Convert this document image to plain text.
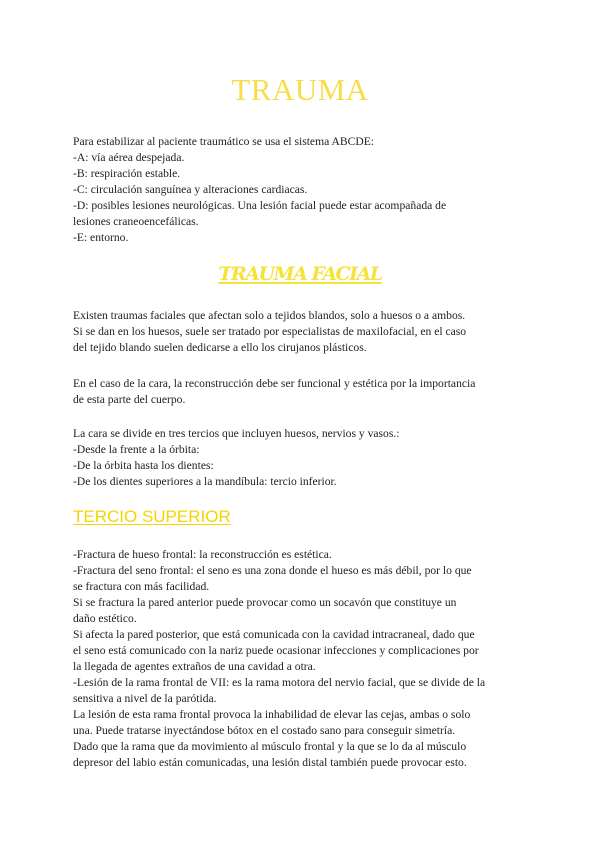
TRAUMA

Para estabilizar al paciente traumático se usa el sistema ABCDE:

-A: vía aérea despejada.

-B: respiración estable.

-C: circulación sanguínea y alteraciones cardiacas.

-D: posibles lesiones neurológicas. Una lesión facial puede estar acompañada de

lesiones craneoencefálicas.

-E: entorno.

TRAUMA FACIAL

Existen traumas faciales que afectan solo a tejidos blandos, solo a huesos o a ambos.

Si se dan en los huesos, suele ser tratado por especialistas de maxilofacial, en el caso

del tejido blando suelen dedicarse a ello los cirujanos plásticos.

En el caso de la cara, la reconstrucción debe ser funcional y estética por la importancia

de esta parte del cuerpo.

La cara se divide en tres tercios que incluyen huesos, nervios y vasos.:

-Desde la frente a la órbita:

-De la órbita hasta los dientes:

-De los dientes superiores a la mandíbula: tercio inferior.

TERCIO SUPERIOR

-Fractura de hueso frontal: la reconstrucción es estética.

-Fractura del seno frontal: el seno es una zona donde el hueso es más débil, por lo que

se fractura con más facilidad.

Si se fractura la pared anterior puede provocar como un socavón que constituye un

daño estético.

Si afecta la pared posterior, que está comunicada con la cavidad intracraneal, dado que

el seno está comunicado con la nariz puede ocasionar infecciones y complicaciones por

la llegada de agentes extraños de una cavidad a otra.

-Lesión de la rama frontal de VII: es la rama motora del nervio facial, que se divide de la

sensitiva a nivel de la parótida.

La lesión de esta rama frontal provoca la inhabilidad de elevar las cejas, ambas o solo

una. Puede tratarse inyectándose bótox en el costado sano para conseguir simetría.

Dado que la rama que da movimiento al músculo frontal y la que se lo da al músculo

depresor del labio están comunicadas, una lesión distal también puede provocar esto.
